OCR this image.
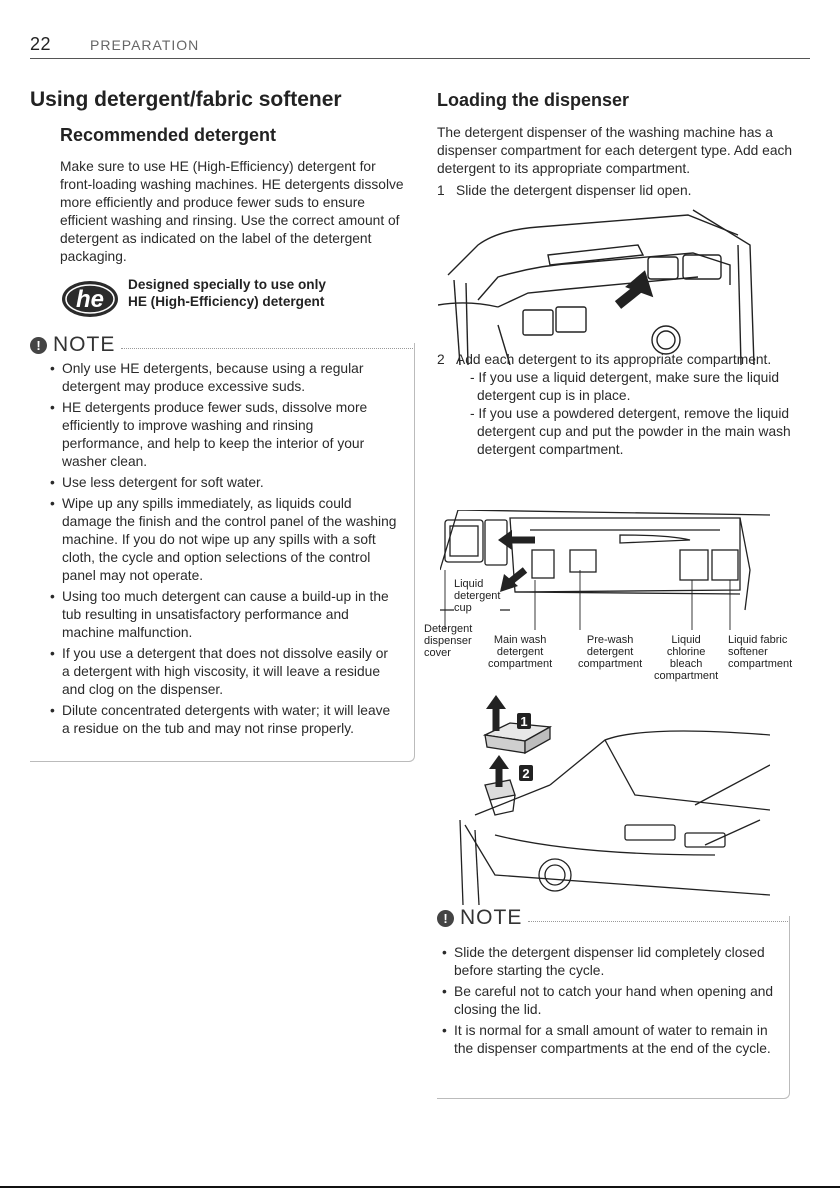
22	PREPARATION
Using detergent/fabric softener
Recommended detergent
Make sure to use HE (High-Efficiency) detergent for front-loading washing machines. HE detergents dissolve more efficiently and produce fewer suds to ensure efficient washing and rinsing. Use the correct amount of detergent as indicated on the label of the detergent packaging.
he
Designed specially to use only
HE (High-Efficiency) detergent
! NOTE
• Only use HE detergents, because using a regular detergent may produce excessive suds.
• HE detergents produce fewer suds, dissolve more efficiently to improve washing and rinsing performance, and help to keep the interior of your washer clean.
• Use less detergent for soft water.
• Wipe up any spills immediately, as liquids could damage the finish and the control panel of the washing machine. If you do not wipe up any spills with a soft cloth, the cycle and option selections of the control panel may not operate.
• Using too much detergent can cause a build-up in the tub resulting in unsatisfactory performance and machine malfunction.
• If you use a detergent that does not dissolve easily or a detergent with high viscosity, it will leave a residue and clog on the dispenser.
• Dilute concentrated detergents with water; it will leave a residue on the tub and may not rinse properly.
Loading the dispenser
The detergent dispenser of the washing machine has a dispenser compartment for each detergent type. Add each detergent to its appropriate compartment.
1 Slide the detergent dispenser lid open.
2 Add each detergent to its appropriate compartment.
- If you use a liquid detergent, make sure the liquid detergent cup is in place.
- If you use a powdered detergent, remove the liquid detergent cup and put the powder in the main wash detergent compartment.
Liquid
detergent
cup
Detergent
dispenser
cover
Main wash
detergent
compartment
Pre-wash
detergent
compartment
Liquid
chlorine
bleach
compartment
Liquid fabric
softener
compartment
1
2
! NOTE
• Slide the detergent dispenser lid completely closed before starting the cycle.
• Be careful not to catch your hand when opening and closing the lid.
• It is normal for a small amount of water to remain in the dispenser compartments at the end of the cycle.
